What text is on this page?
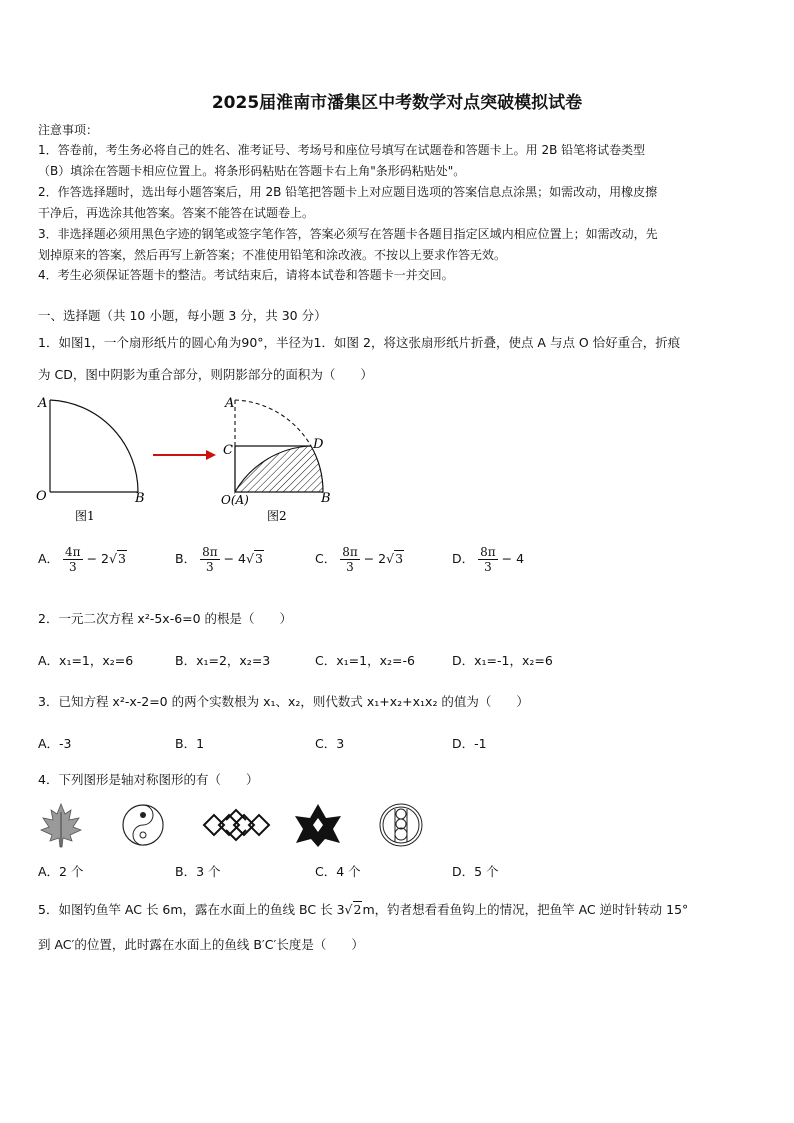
2025届淮南市潘集区中考数学对点突破模拟试卷
注意事项：
1．答卷前，考生务必将自己的姓名、准考证号、考场号和座位号填写在试题卷和答题卡上。用 2B 铅笔将试卷类型
（B）填涂在答题卡相应位置上。将条形码粘贴在答题卡右上角"条形码粘贴处"。
2．作答选择题时，选出每小题答案后，用 2B 铅笔把答题卡上对应题目选项的答案信息点涂黑；如需改动，用橡皮擦
干净后，再选涂其他答案。答案不能答在试题卷上。
3．非选择题必须用黑色字迹的钢笔或签字笔作答，答案必须写在答题卡各题目指定区域内相应位置上；如需改动，先
划掉原来的答案，然后再写上新答案；不准使用铅笔和涂改液。不按以上要求作答无效。
4．考生必须保证答题卡的整洁。考试结束后，请将本试卷和答题卡一并交回。
一、选择题（共 10 小题，每小题 3 分，共 30 分）
1．如图1，一个扇形纸片的圆心角为90°，半径为1．如图 2，将这张扇形纸片折叠，使点 A 与点 O 恰好重合，折痕
为 CD，图中阴影为重合部分，则阴影部分的面积为（　　）
A
O	B
图1
A
C	D
O(A)	B
图2
A． $\frac{4\pi}{3} - 2√3$	B． $\frac{8\pi}{3} - 4√3$	C． $\frac{8\pi}{3} - 2√3$	D． $\frac{8\pi}{3} - 4$
2．一元二次方程 x²-5x-6=0 的根是（　　）
A．x₁=1，x₂=6	B．x₁=2，x₂=3	C．x₁=1，x₂=-6	D．x₁=-1，x₂=6
3．已知方程 x²-x-2=0 的两个实数根为 x₁、x₂，则代数式 x₁+x₂+x₁x₂ 的值为（　　）
A．-3	B．1	C．3	D．-1
4．下列图形是轴对称图形的有（　　）
A．2 个	B．3 个	C．4 个	D．5 个
5．如图钓鱼竿 AC 长 6m，露在水面上的鱼线 BC 长 3√2m，钓者想看看鱼钩上的情况，把鱼竿 AC 逆时针转动 15°
到 AC′的位置，此时露在水面上的鱼线 B′C′长度是（　　）
